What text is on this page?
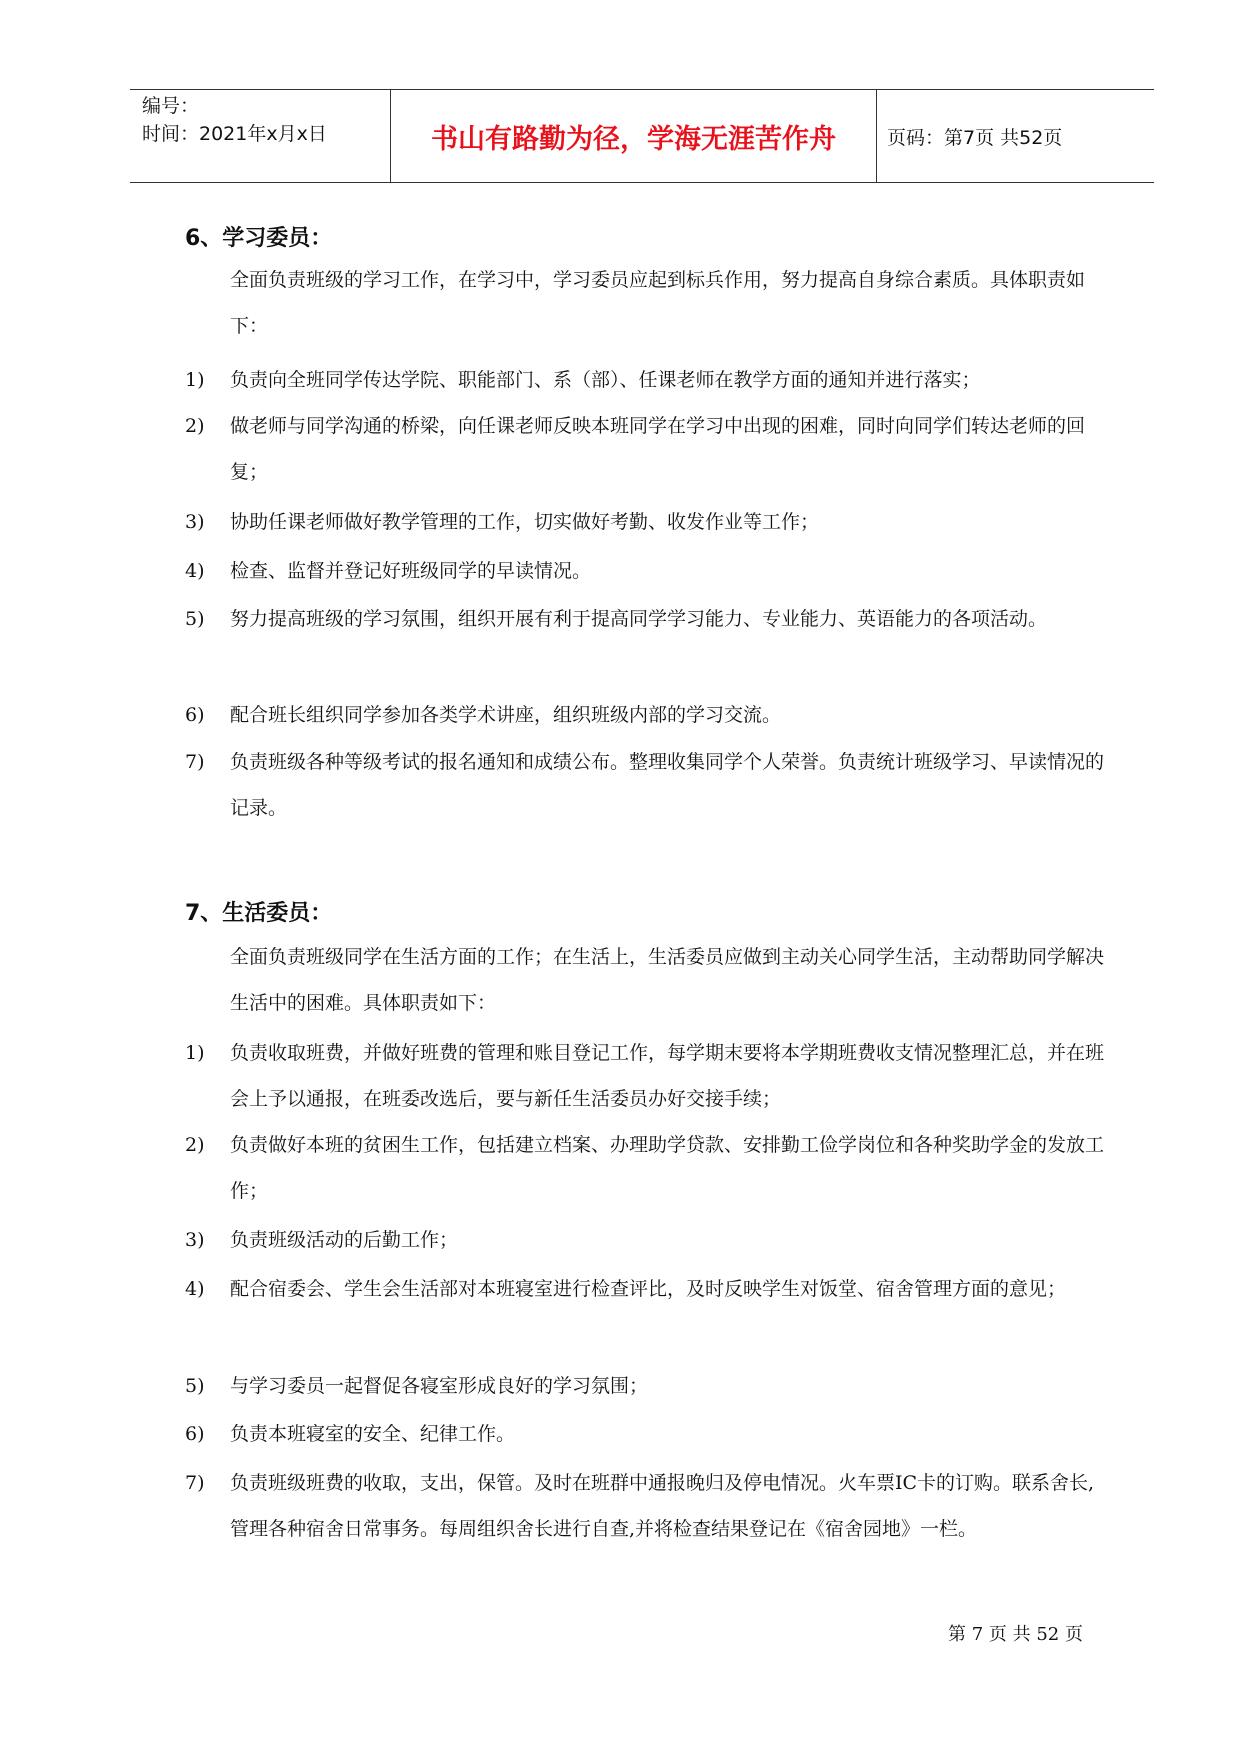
编号：
时间：2021年x月x日	书山有路勤为径，学海无涯苦作舟	页码：第7页 共52页
6、学习委员：
全面负责班级的学习工作，在学习中，学习委员应起到标兵作用，努力提高自身综合素质。具体职责如下：
1)	负责向全班同学传达学院、职能部门、系（部）、任课老师在教学方面的通知并进行落实；
2)	做老师与同学沟通的桥梁，向任课老师反映本班同学在学习中出现的困难，同时向同学们转达老师的回复；
3)	协助任课老师做好教学管理的工作，切实做好考勤、收发作业等工作；
4)	检查、监督并登记好班级同学的早读情况。
5)	努力提高班级的学习氛围，组织开展有利于提高同学学习能力、专业能力、英语能力的各项活动。
6)	配合班长组织同学参加各类学术讲座，组织班级内部的学习交流。
7)	负责班级各种等级考试的报名通知和成绩公布。整理收集同学个人荣誉。负责统计班级学习、早读情况的记录。
7、生活委员：
全面负责班级同学在生活方面的工作；在生活上，生活委员应做到主动关心同学生活，主动帮助同学解决生活中的困难。具体职责如下：
1)	负责收取班费，并做好班费的管理和账目登记工作，每学期末要将本学期班费收支情况整理汇总，并在班会上予以通报，在班委改选后，要与新任生活委员办好交接手续；
2)	负责做好本班的贫困生工作，包括建立档案、办理助学贷款、安排勤工俭学岗位和各种奖助学金的发放工作；
3)	负责班级活动的后勤工作；
4)	配合宿委会、学生会生活部对本班寝室进行检查评比，及时反映学生对饭堂、宿舍管理方面的意见；
5)	与学习委员一起督促各寝室形成良好的学习氛围；
6)	负责本班寝室的安全、纪律工作。
7)	负责班级班费的收取，支出，保管。及时在班群中通报晚归及停电情况。火车票IC卡的订购。联系舍长,管理各种宿舍日常事务。每周组织舍长进行自查,并将检查结果登记在《宿舍园地》一栏。
第 7 页 共 52 页
